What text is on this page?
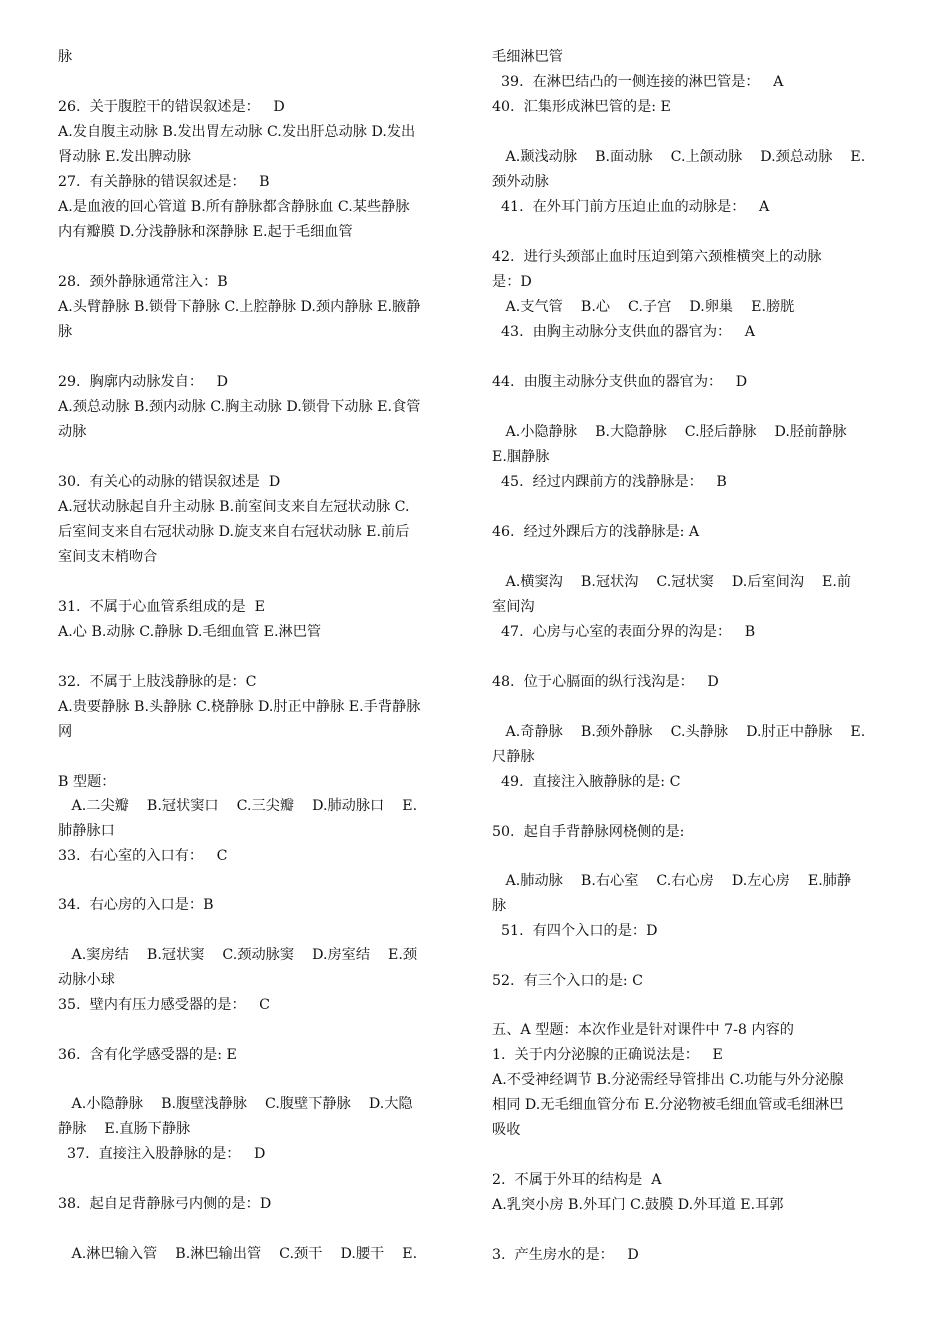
脉
26.  关于腹腔干的错误叙述是：   D
A.发自腹主动脉 B.发出胃左动脉 C.发出肝总动脉 D.发出
肾动脉 E.发出脾动脉
27.  有关静脉的错误叙述是：   B
A.是血液的回心管道 B.所有静脉都含静脉血 C.某些静脉
内有瓣膜 D.分浅静脉和深静脉 E.起于毛细血管
28.  颈外静脉通常注入：B
A.头臂静脉 B.锁骨下静脉 C.上腔静脉 D.颈内静脉 E.腋静
脉
29.  胸廓内动脉发自：   D
A.颈总动脉 B.颈内动脉 C.胸主动脉 D.锁骨下动脉 E.食管
动脉
30.  有关心的动脉的错误叙述是  D
A.冠状动脉起自升主动脉 B.前室间支来自左冠状动脉 C.
后室间支来自右冠状动脉 D.旋支来自右冠状动脉 E.前后
室间支末梢吻合
31.  不属于心血管系组成的是  E
A.心 B.动脉 C.静脉 D.毛细血管 E.淋巴管
32.  不属于上肢浅静脉的是：C
A.贵要静脉 B.头静脉 C.桡静脉 D.肘正中静脉 E.手背静脉
网
B 型题：
A.二尖瓣    B.冠状窦口    C.三尖瓣    D.肺动脉口    E.
肺静脉口
33.  右心室的入口有：   C
34.  右心房的入口是：B
A.窦房结    B.冠状窦    C.颈动脉窦    D.房室结    E.颈
动脉小球
35.  壁内有压力感受器的是：   C
36.  含有化学感受器的是: E
A.小隐静脉    B.腹壁浅静脉    C.腹壁下静脉    D.大隐
静脉    E.直肠下静脉
37.  直接注入股静脉的是：   D
38.  起自足背静脉弓内侧的是：D
A.淋巴输入管    B.淋巴输出管    C.颈干    D.腰干    E.
毛细淋巴管
39.  在淋巴结凸的一侧连接的淋巴管是：   A
40.  汇集形成淋巴管的是: E
A.颞浅动脉    B.面动脉    C.上颌动脉    D.颈总动脉    E.
颈外动脉
41.  在外耳门前方压迫止血的动脉是：   A
42.  进行头颈部止血时压迫到第六颈椎横突上的动脉
是：D
A.支气管    B.心    C.子宫    D.卵巢    E.膀胱
43.  由胸主动脉分支供血的器官为：   A
44.  由腹主动脉分支供血的器官为：   D
A.小隐静脉    B.大隐静脉    C.胫后静脉    D.胫前静脉
E.腘静脉
45.  经过内踝前方的浅静脉是：   B
46.  经过外踝后方的浅静脉是: A
A.横窦沟    B.冠状沟    C.冠状窦    D.后室间沟    E.前
室间沟
47.  心房与心室的表面分界的沟是：   B
48.  位于心膈面的纵行浅沟是：   D
A.奇静脉    B.颈外静脉    C.头静脉    D.肘正中静脉    E.
尺静脉
49.  直接注入腋静脉的是: C
50.  起自手背静脉网桡侧的是:
A.肺动脉    B.右心室    C.右心房    D.左心房    E.肺静
脉
51.  有四个入口的是：D
52.  有三个入口的是: C
五、A 型题：本次作业是针对课件中 7-8 内容的
1.  关于内分泌腺的正确说法是：   E
A.不受神经调节 B.分泌需经导管排出 C.功能与外分泌腺
相同 D.无毛细血管分布 E.分泌物被毛细血管或毛细淋巴
吸收
2.  不属于外耳的结构是  A
A.乳突小房 B.外耳门 C.鼓膜 D.外耳道 E.耳郭
3.  产生房水的是：   D
